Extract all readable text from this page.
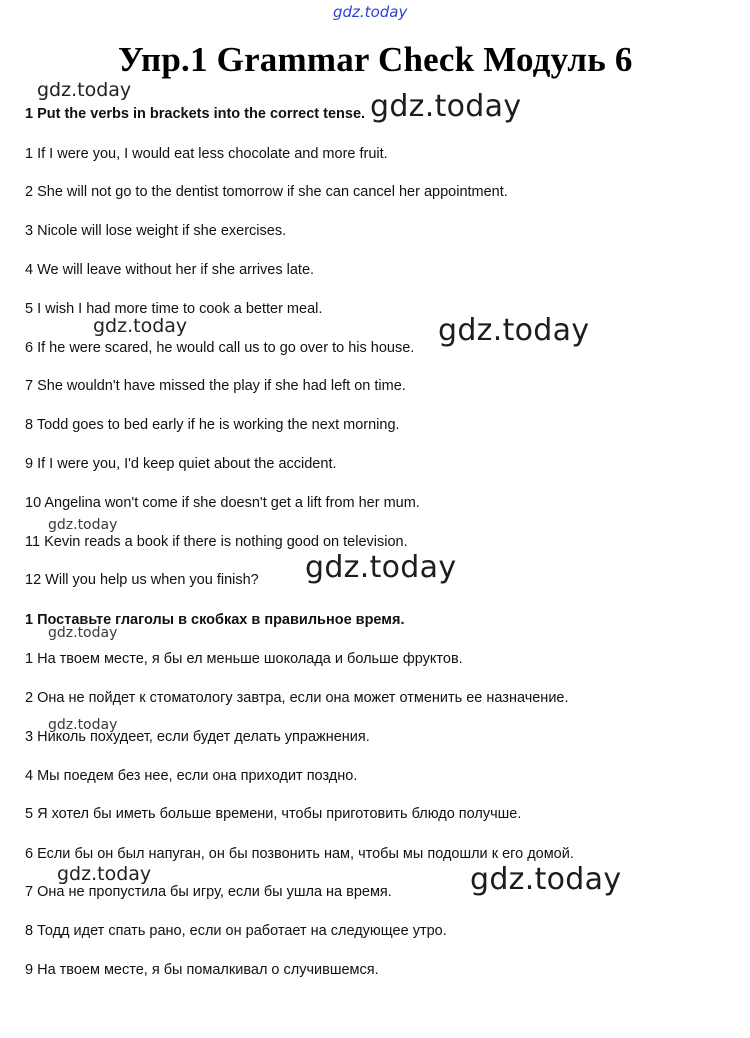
gdz.today
Упр.1 Grammar Check Модуль 6
1 Put the verbs in brackets into the correct tense.
1 If I were you, I would eat less chocolate and more fruit.
2 She will not go to the dentist tomorrow if she can cancel her appointment.
3 Nicole will lose weight if she exercises.
4 We will leave without her if she arrives late.
5 I wish I had more time to cook a better meal.
6 If he were scared, he would call us to go over to his house.
7 She wouldn't have missed the play if she had left on time.
8 Todd goes to bed early if he is working the next morning.
9 If I were you, I'd keep quiet about the accident.
10 Angelina won't come if she doesn't get a lift from her mum.
11 Kevin reads a book if there is nothing good on television.
12 Will you help us when you finish?
1 Поставьте глаголы в скобках в правильное время.
1 На твоем месте, я бы ел меньше шоколада и больше фруктов.
2 Она не пойдет к стоматологу завтра, если она может отменить ее назначение.
3 Николь похудеет, если будет делать упражнения.
4 Мы поедем без нее, если она приходит поздно.
5 Я хотел бы иметь больше времени, чтобы приготовить блюдо получше.
6 Если бы он был напуган, он бы позвонить нам, чтобы мы подошли к его домой.
7 Она не пропустила бы игру, если бы ушла на время.
8 Тодд идет спать рано, если он работает на следующее утро.
9 На твоем месте, я бы помалкивал о случившемся.
gdz.today	gdz.today
gdz.today	gdz.today
gdz.today
gdz.today
gdz.today
gdz.today
gdz.today	gdz.today
